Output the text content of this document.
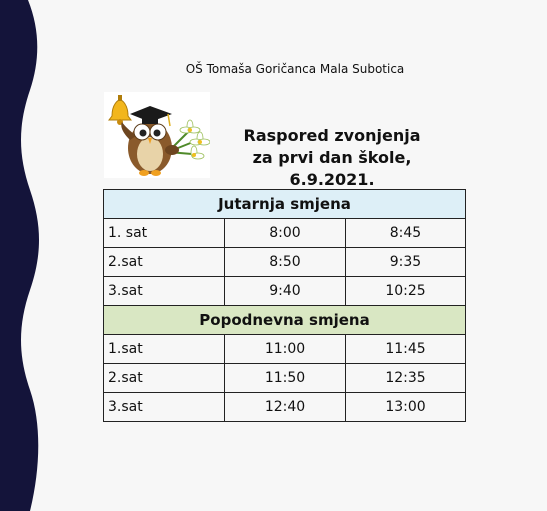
OŠ Tomaša Goričanca Mala Subotica
Raspored zvonjenja
za prvi dan škole, 6.9.2021.
Jutarnja smjena		
1. sat	8:00	8:45
2.sat	8:50	9:35
3.sat	9:40	10:25
Popodnevna smjena		
1.sat	11:00	11:45
2.sat	11:50	12:35
3.sat	12:40	13:00
